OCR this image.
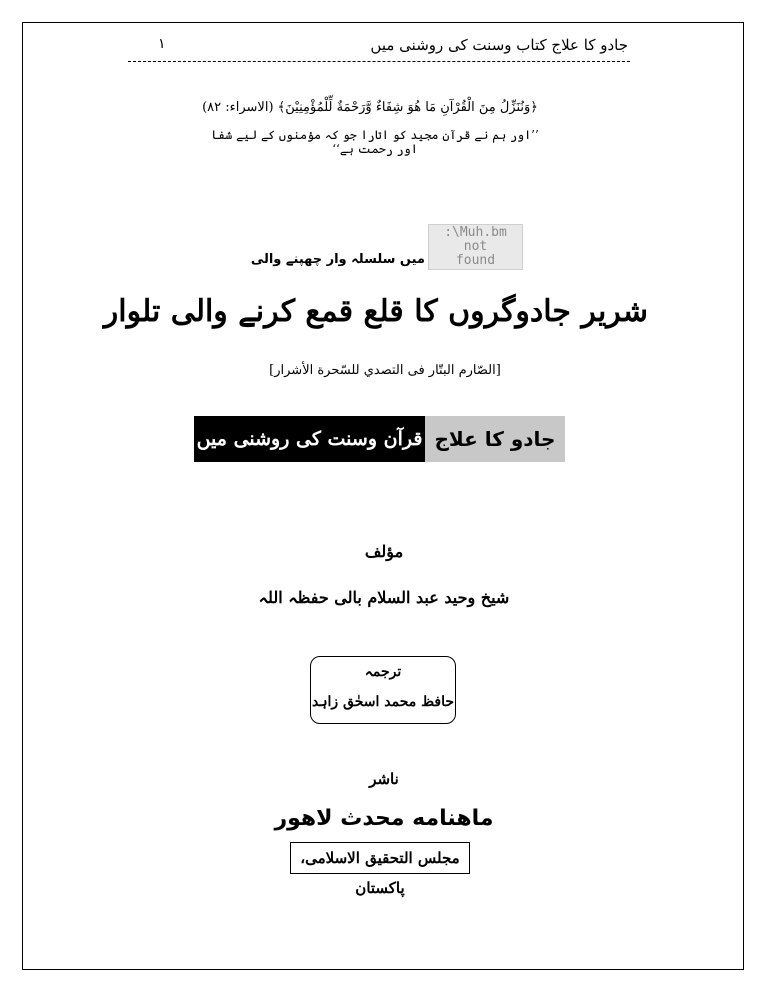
جادو کا علاج کتاب وسنت کی روشنی میں
۱
﴿وَنُنَزِّلُ مِنَ الْقُرْآنِ مَا هُوَ شِفَاءٌ وَّرَحْمَةٌ لِّلْمُؤْمِنِيْنَ﴾ (الاسراء: ۸۲)
’’اور ہم نے قرآن مجید کو اتارا جو کہ مؤمنوں کے لیے شفا اور رحمت ہے‘‘
:\Muh.bm
not
found
میں سلسلہ وار چھپنے والی
شریر جادوگروں کا قلع قمع کرنے والی تلوار
[الصّارم البتّار فى التصدي للسّحرة الأشرار]
جادو کا علاج
قرآن وسنت کی روشنی میں
مؤلف
شیخ وحید عبد السلام بالی حفظہ اللہ
ترجمہ
حافظ محمد اسحٰق زاہد
ناشر
ماهنامه محدث لاهور
مجلس التحقیق الاسلامی، پاکستان
